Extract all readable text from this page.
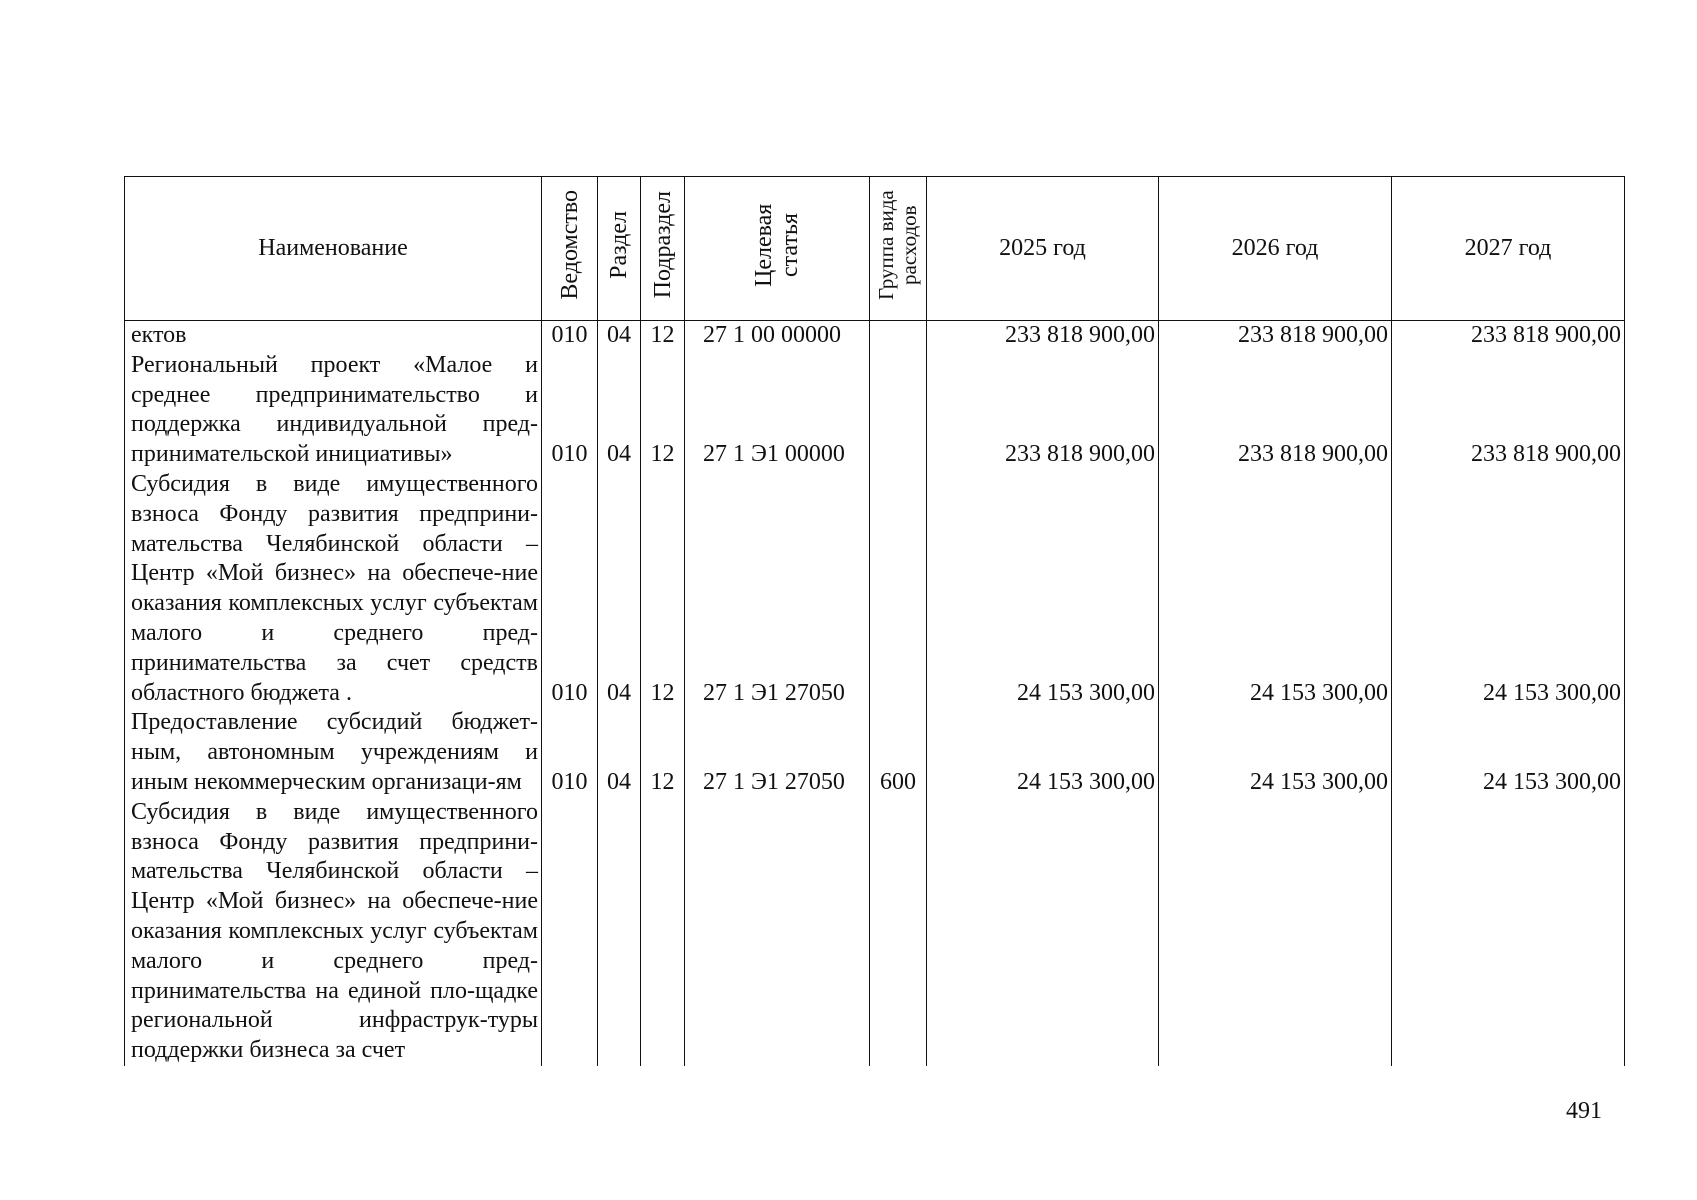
Наименование	Ведомство	Раздел	Подраздел	Целевая статья	Группа вида расходов	2025 год	2026 год	2027 год
ектов	010	04	12	27 1 00 00000		233 818 900,00	233 818 900,00	233 818 900,00
Региональный проект «Малое и среднее предпринимательство и поддержка индивидуальной пред-принимательской инициативы»	010	04	12	27 1 Э1 00000		233 818 900,00	233 818 900,00	233 818 900,00
Субсидия в виде имущественного взноса Фонду развития предприни-мательства Челябинской области – Центр «Мой бизнес» на обеспече-ние оказания комплексных услуг субъектам малого и среднего пред-принимательства за счет средств областного бюджета .	010	04	12	27 1 Э1 27050		24 153 300,00	24 153 300,00	24 153 300,00
Предоставление субсидий бюджет-ным, автономным учреждениям и иным некоммерческим организаци-ям	010	04	12	27 1 Э1 27050	600	24 153 300,00	24 153 300,00	24 153 300,00
Субсидия в виде имущественного взноса Фонду развития предприни-мательства Челябинской области – Центр «Мой бизнес» на обеспече-ние оказания комплексных услуг субъектам малого и среднего пред-принимательства на единой пло-щадке региональной инфраструк-туры поддержки бизнеса за счет								
491
